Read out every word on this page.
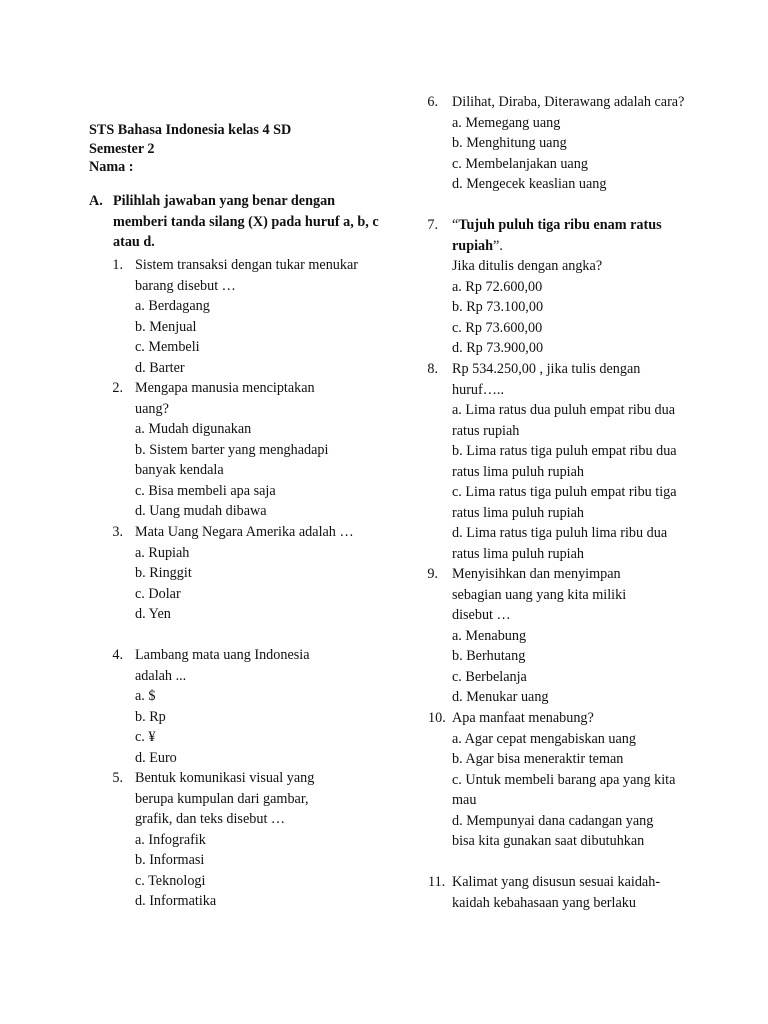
STS Bahasa Indonesia kelas 4 SD
Semester 2
Nama :
A. Pilihlah jawaban yang benar dengan memberi tanda silang (X) pada huruf a, b, c atau d.
1. Sistem transaksi dengan tukar menukar barang disebut …
a. Berdagang
b. Menjual
c. Membeli
d. Barter
2. Mengapa manusia menciptakan uang?
a. Mudah digunakan
b. Sistem barter yang menghadapi banyak kendala
c. Bisa membeli apa saja
d. Uang mudah dibawa
3. Mata Uang Negara Amerika adalah …
a. Rupiah
b. Ringgit
c. Dolar
d. Yen
4. Lambang mata uang Indonesia adalah ...
a. $
b. Rp
c. ¥
d. Euro
5. Bentuk komunikasi visual yang berupa kumpulan dari gambar, grafik, dan teks disebut …
a. Infografik
b. Informasi
c. Teknologi
d. Informatika
6. Dilihat, Diraba, Diterawang adalah cara?
a. Memegang uang
b. Menghitung uang
c. Membelanjakan uang
d. Mengecek keaslian uang
7. “Tujuh puluh tiga ribu enam ratus rupiah”.
Jika ditulis dengan angka?
a. Rp 72.600,00
b. Rp 73.100,00
c. Rp 73.600,00
d. Rp 73.900,00
8. Rp 534.250,00 , jika tulis dengan huruf…..
a. Lima ratus dua puluh empat ribu dua ratus rupiah
b. Lima ratus tiga puluh empat ribu dua ratus lima puluh rupiah
c. Lima ratus tiga puluh empat ribu tiga ratus lima puluh rupiah
d. Lima ratus tiga puluh lima ribu dua ratus lima puluh rupiah
9. Menyisihkan dan menyimpan sebagian uang yang kita miliki disebut …
a. Menabung
b. Berhutang
c. Berbelanja
d. Menukar uang
10. Apa manfaat menabung?
a. Agar cepat mengabiskan uang
b. Agar bisa meneraktir teman
c. Untuk membeli barang apa yang kita mau
d. Mempunyai dana cadangan yang bisa kita gunakan saat dibutuhkan
11. Kalimat yang disusun sesuai kaidah-kaidah kebahasaan yang berlaku
